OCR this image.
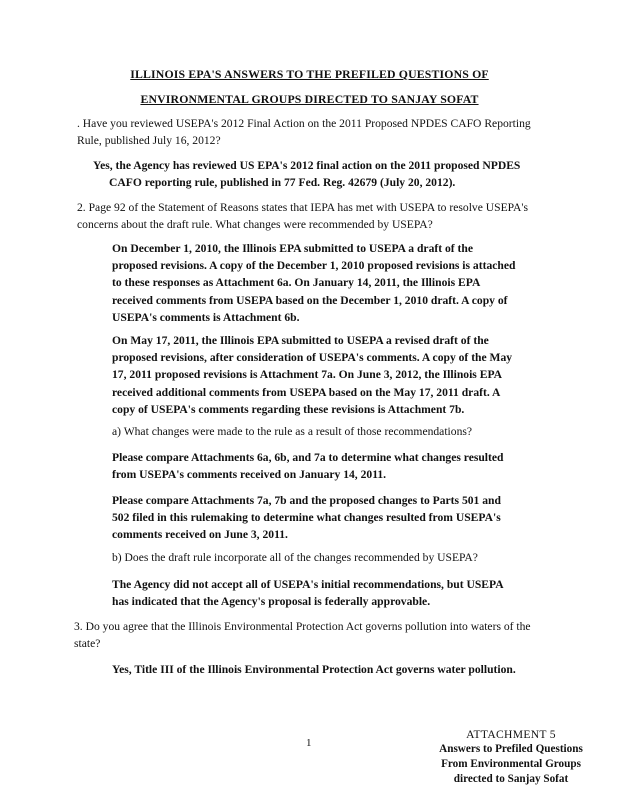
ILLINOIS EPA'S ANSWERS TO THE PREFILED QUESTIONS OF
ENVIRONMENTAL GROUPS DIRECTED TO SANJAY SOFAT

. Have you reviewed USEPA's 2012 Final Action on the 2011 Proposed NPDES CAFO Reporting Rule, published July 16, 2012?

Yes, the Agency has reviewed US EPA's 2012 final action on the 2011 proposed NPDES CAFO reporting rule, published in 77 Fed. Reg. 42679 (July 20, 2012).

2. Page 92 of the Statement of Reasons states that IEPA has met with USEPA to resolve USEPA's concerns about the draft rule. What changes were recommended by USEPA?

On December 1, 2010, the Illinois EPA submitted to USEPA a draft of the proposed revisions. A copy of the December 1, 2010 proposed revisions is attached to these responses as Attachment 6a. On January 14, 2011, the Illinois EPA received comments from USEPA based on the December 1, 2010 draft. A copy of USEPA's comments is Attachment 6b.

On May 17, 2011, the Illinois EPA submitted to USEPA a revised draft of the proposed revisions, after consideration of USEPA's comments. A copy of the May 17, 2011 proposed revisions is Attachment 7a. On June 3, 2012, the Illinois EPA received additional comments from USEPA based on the May 17, 2011 draft. A copy of USEPA's comments regarding these revisions is Attachment 7b.

a) What changes were made to the rule as a result of those recommendations?

Please compare Attachments 6a, 6b, and 7a to determine what changes resulted from USEPA's comments received on January 14, 2011.

Please compare Attachments 7a, 7b and the proposed changes to Parts 501 and 502 filed in this rulemaking to determine what changes resulted from USEPA's comments received on June 3, 2011.

b) Does the draft rule incorporate all of the changes recommended by USEPA?

The Agency did not accept all of USEPA's initial recommendations, but USEPA has indicated that the Agency's proposal is federally approvable.

3. Do you agree that the Illinois Environmental Protection Act governs pollution into waters of the state?

Yes, Title III of the Illinois Environmental Protection Act governs water pollution.

1
ATTACHMENT 5
Answers to Prefiled Questions
From Environmental Groups
directed to Sanjay Sofat
